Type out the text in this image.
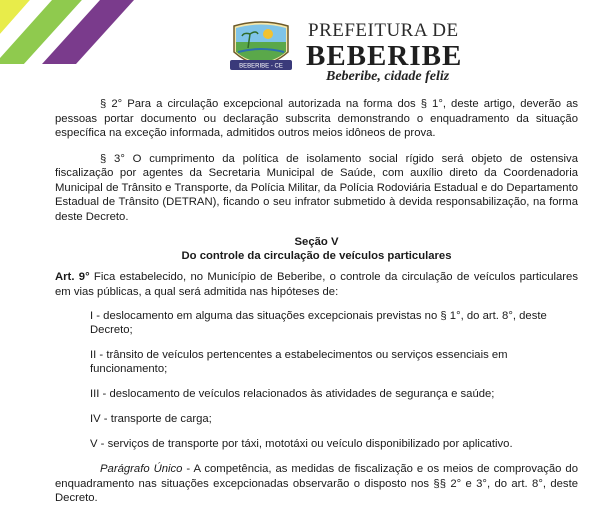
BEBERIBE - CE
PREFEITURA DE
BEBERIBE
Beberibe, cidade feliz

§ 2° Para a circulação excepcional autorizada na forma dos § 1°, deste artigo, deverão as pessoas portar documento ou declaração subscrita demonstrando o enquadramento da situação específica na exceção informada, admitidos outros meios idôneos de prova.

§ 3° O cumprimento da política de isolamento social rígido será objeto de ostensiva fiscalização por agentes da Secretaria Municipal de Saúde, com auxílio direto da Coordenadoria Municipal de Trânsito e Transporte, da Polícia Militar, da Polícia Rodoviária Estadual e do Departamento Estadual de Trânsito (DETRAN), ficando o seu infrator submetido à devida responsabilização, na forma deste Decreto.

Seção V

Do controle da circulação de veículos particulares

Art. 9° Fica estabelecido, no Município de Beberibe, o controle da circulação de veículos particulares em vias públicas, a qual será admitida nas hipóteses de:

I - deslocamento em alguma das situações excepcionais previstas no § 1°, do art. 8°, deste Decreto;

II - trânsito de veículos pertencentes a estabelecimentos ou serviços essenciais em funcionamento;

III - deslocamento de veículos relacionados às atividades de segurança e saúde;

IV - transporte de carga;

V - serviços de transporte por táxi, mototáxi ou veículo disponibilizado por aplicativo.

Parágrafo Único - A competência, as medidas de fiscalização e os meios de comprovação do enquadramento nas situações excepcionadas observarão o disposto nos §§ 2° e 3°, do art. 8°, deste Decreto.
